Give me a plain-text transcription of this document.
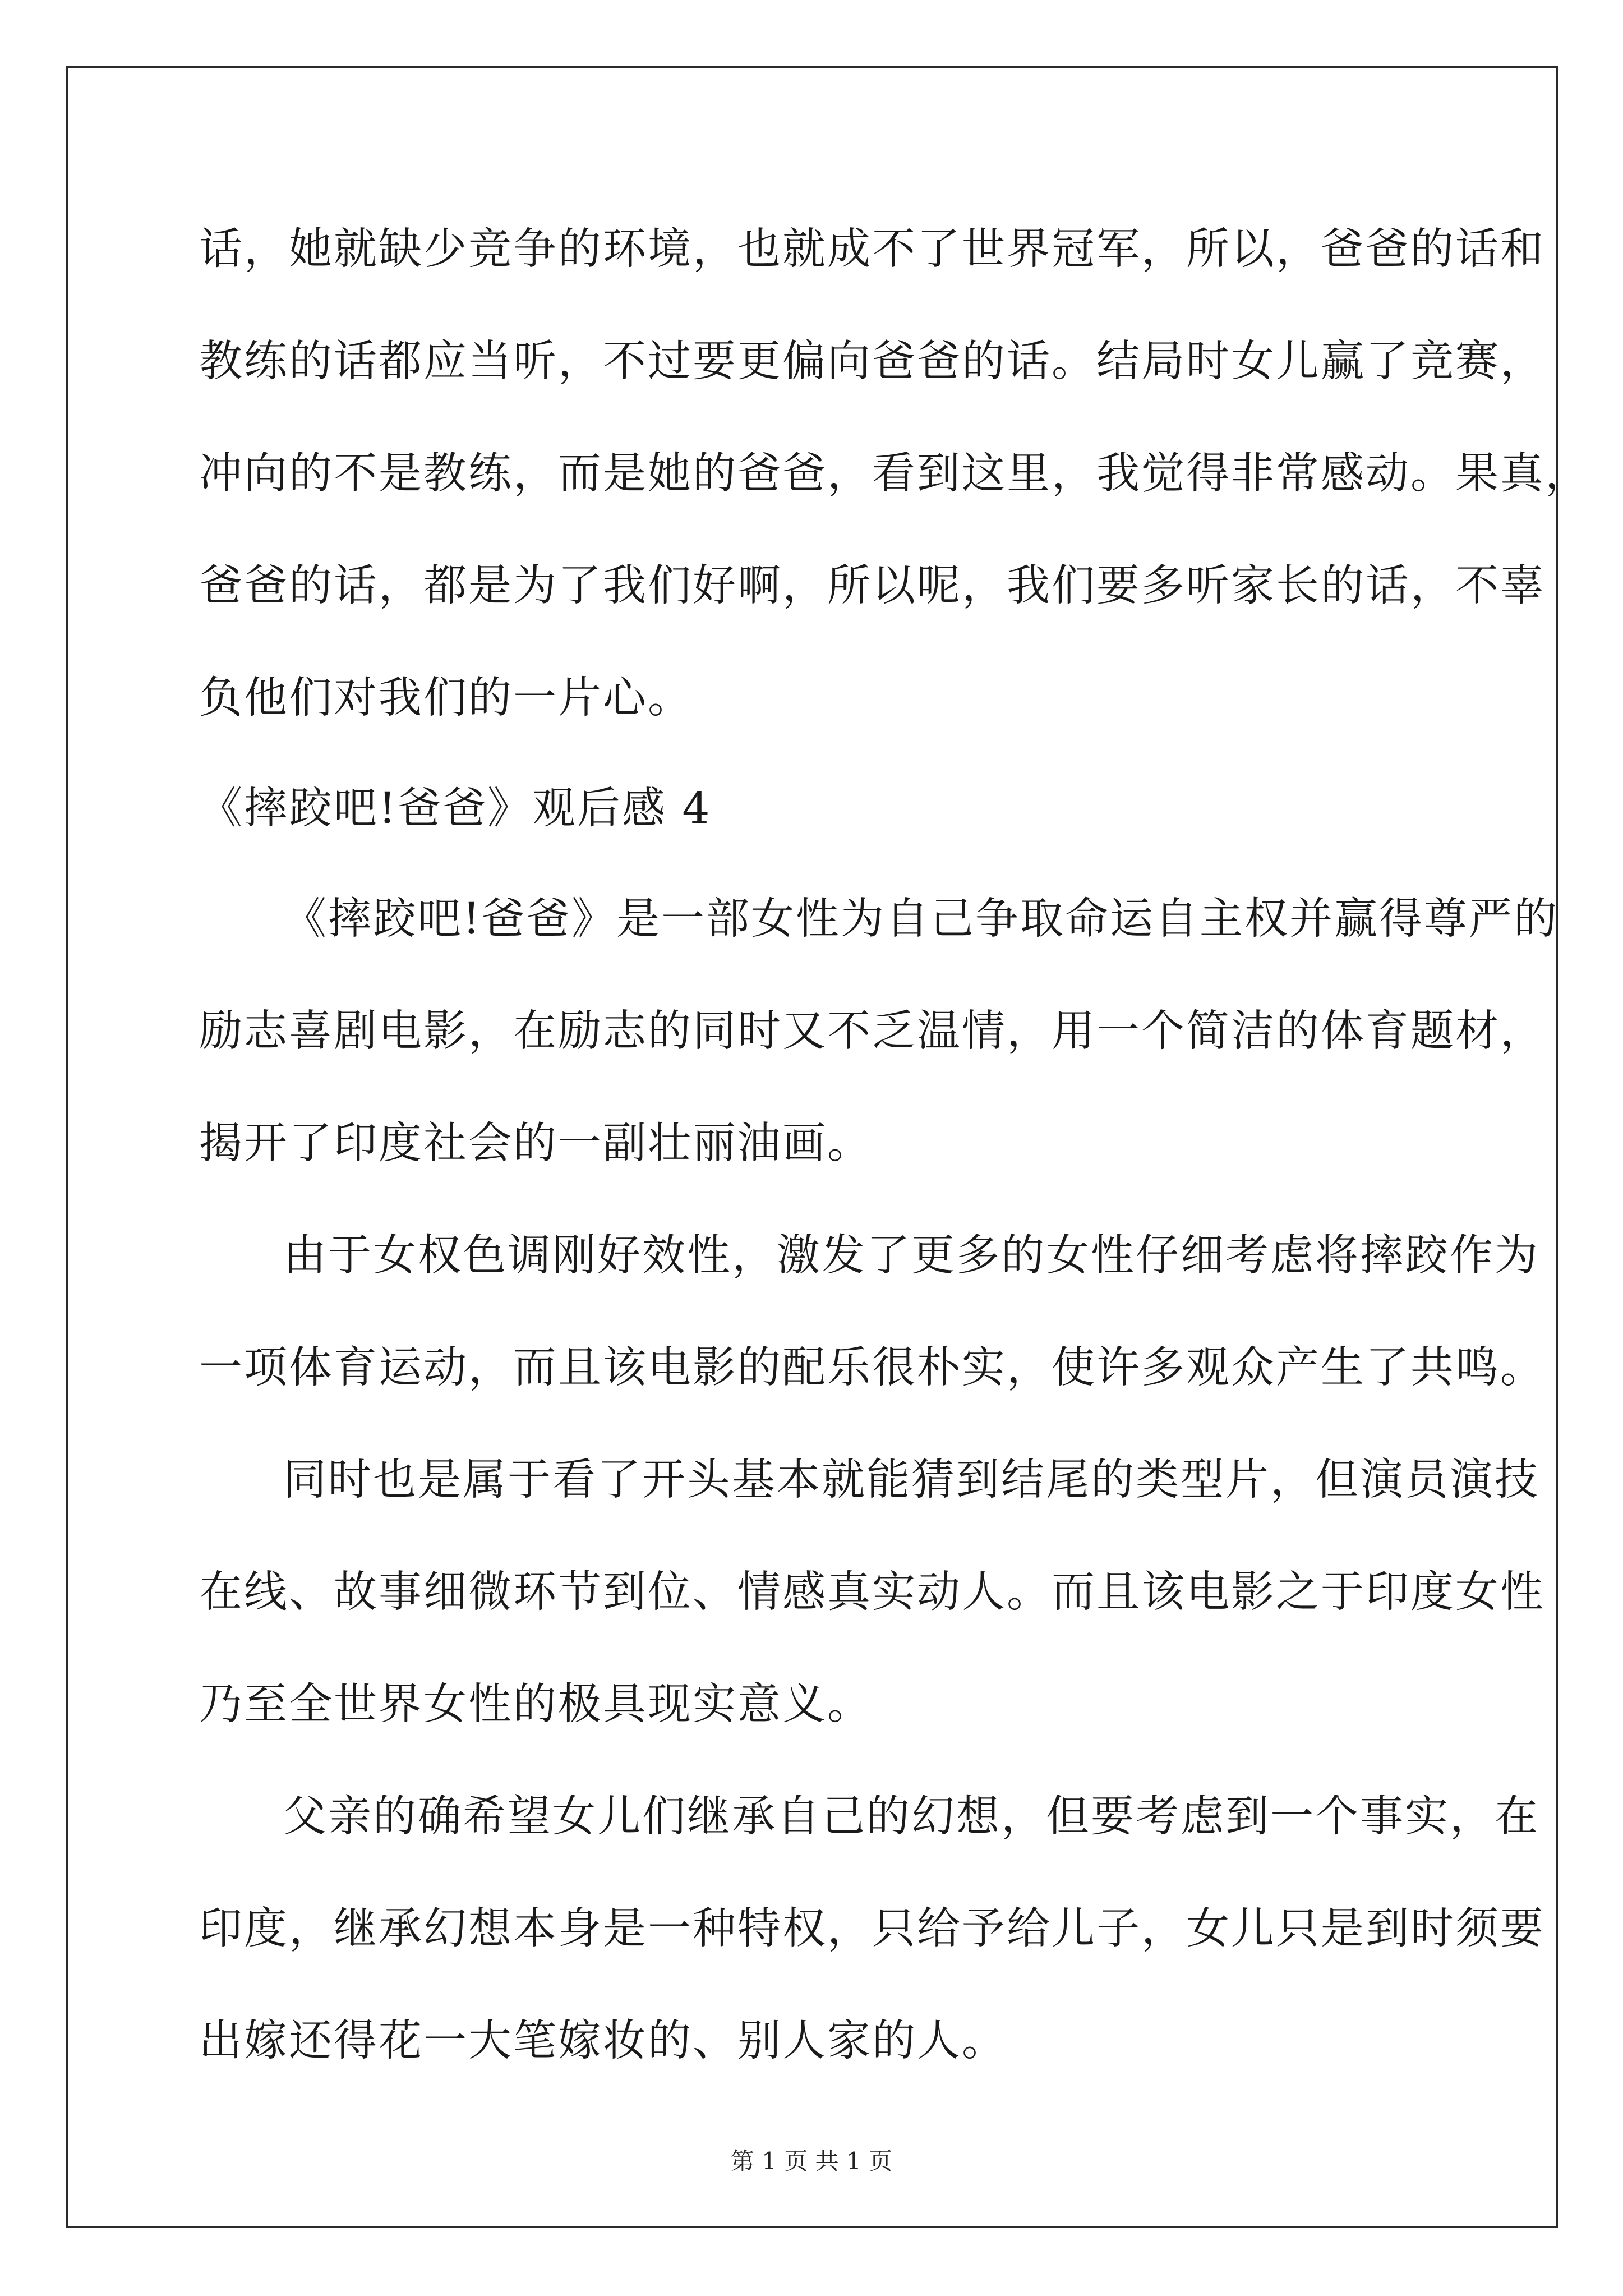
话，她就缺少竞争的环境，也就成不了世界冠军，所以，爸爸的话和
教练的话都应当听，不过要更偏向爸爸的话。结局时女儿赢了竞赛，
冲向的不是教练，而是她的爸爸，看到这里，我觉得非常感动。果真，
爸爸的话，都是为了我们好啊，所以呢，我们要多听家长的话，不辜
负他们对我们的一片心。
《摔跤吧!爸爸》观后感 4
《摔跤吧!爸爸》是一部女性为自己争取命运自主权并赢得尊严的
励志喜剧电影，在励志的同时又不乏温情，用一个简洁的体育题材，
揭开了印度社会的一副壮丽油画。
由于女权色调刚好效性，激发了更多的女性仔细考虑将摔跤作为
一项体育运动，而且该电影的配乐很朴实，使许多观众产生了共鸣。
同时也是属于看了开头基本就能猜到结尾的类型片，但演员演技
在线、故事细微环节到位、情感真实动人。而且该电影之于印度女性
乃至全世界女性的极具现实意义。
父亲的确希望女儿们继承自己的幻想，但要考虑到一个事实，在
印度，继承幻想本身是一种特权，只给予给儿子，女儿只是到时须要
出嫁还得花一大笔嫁妆的、别人家的人。
第 1 页 共 1 页
